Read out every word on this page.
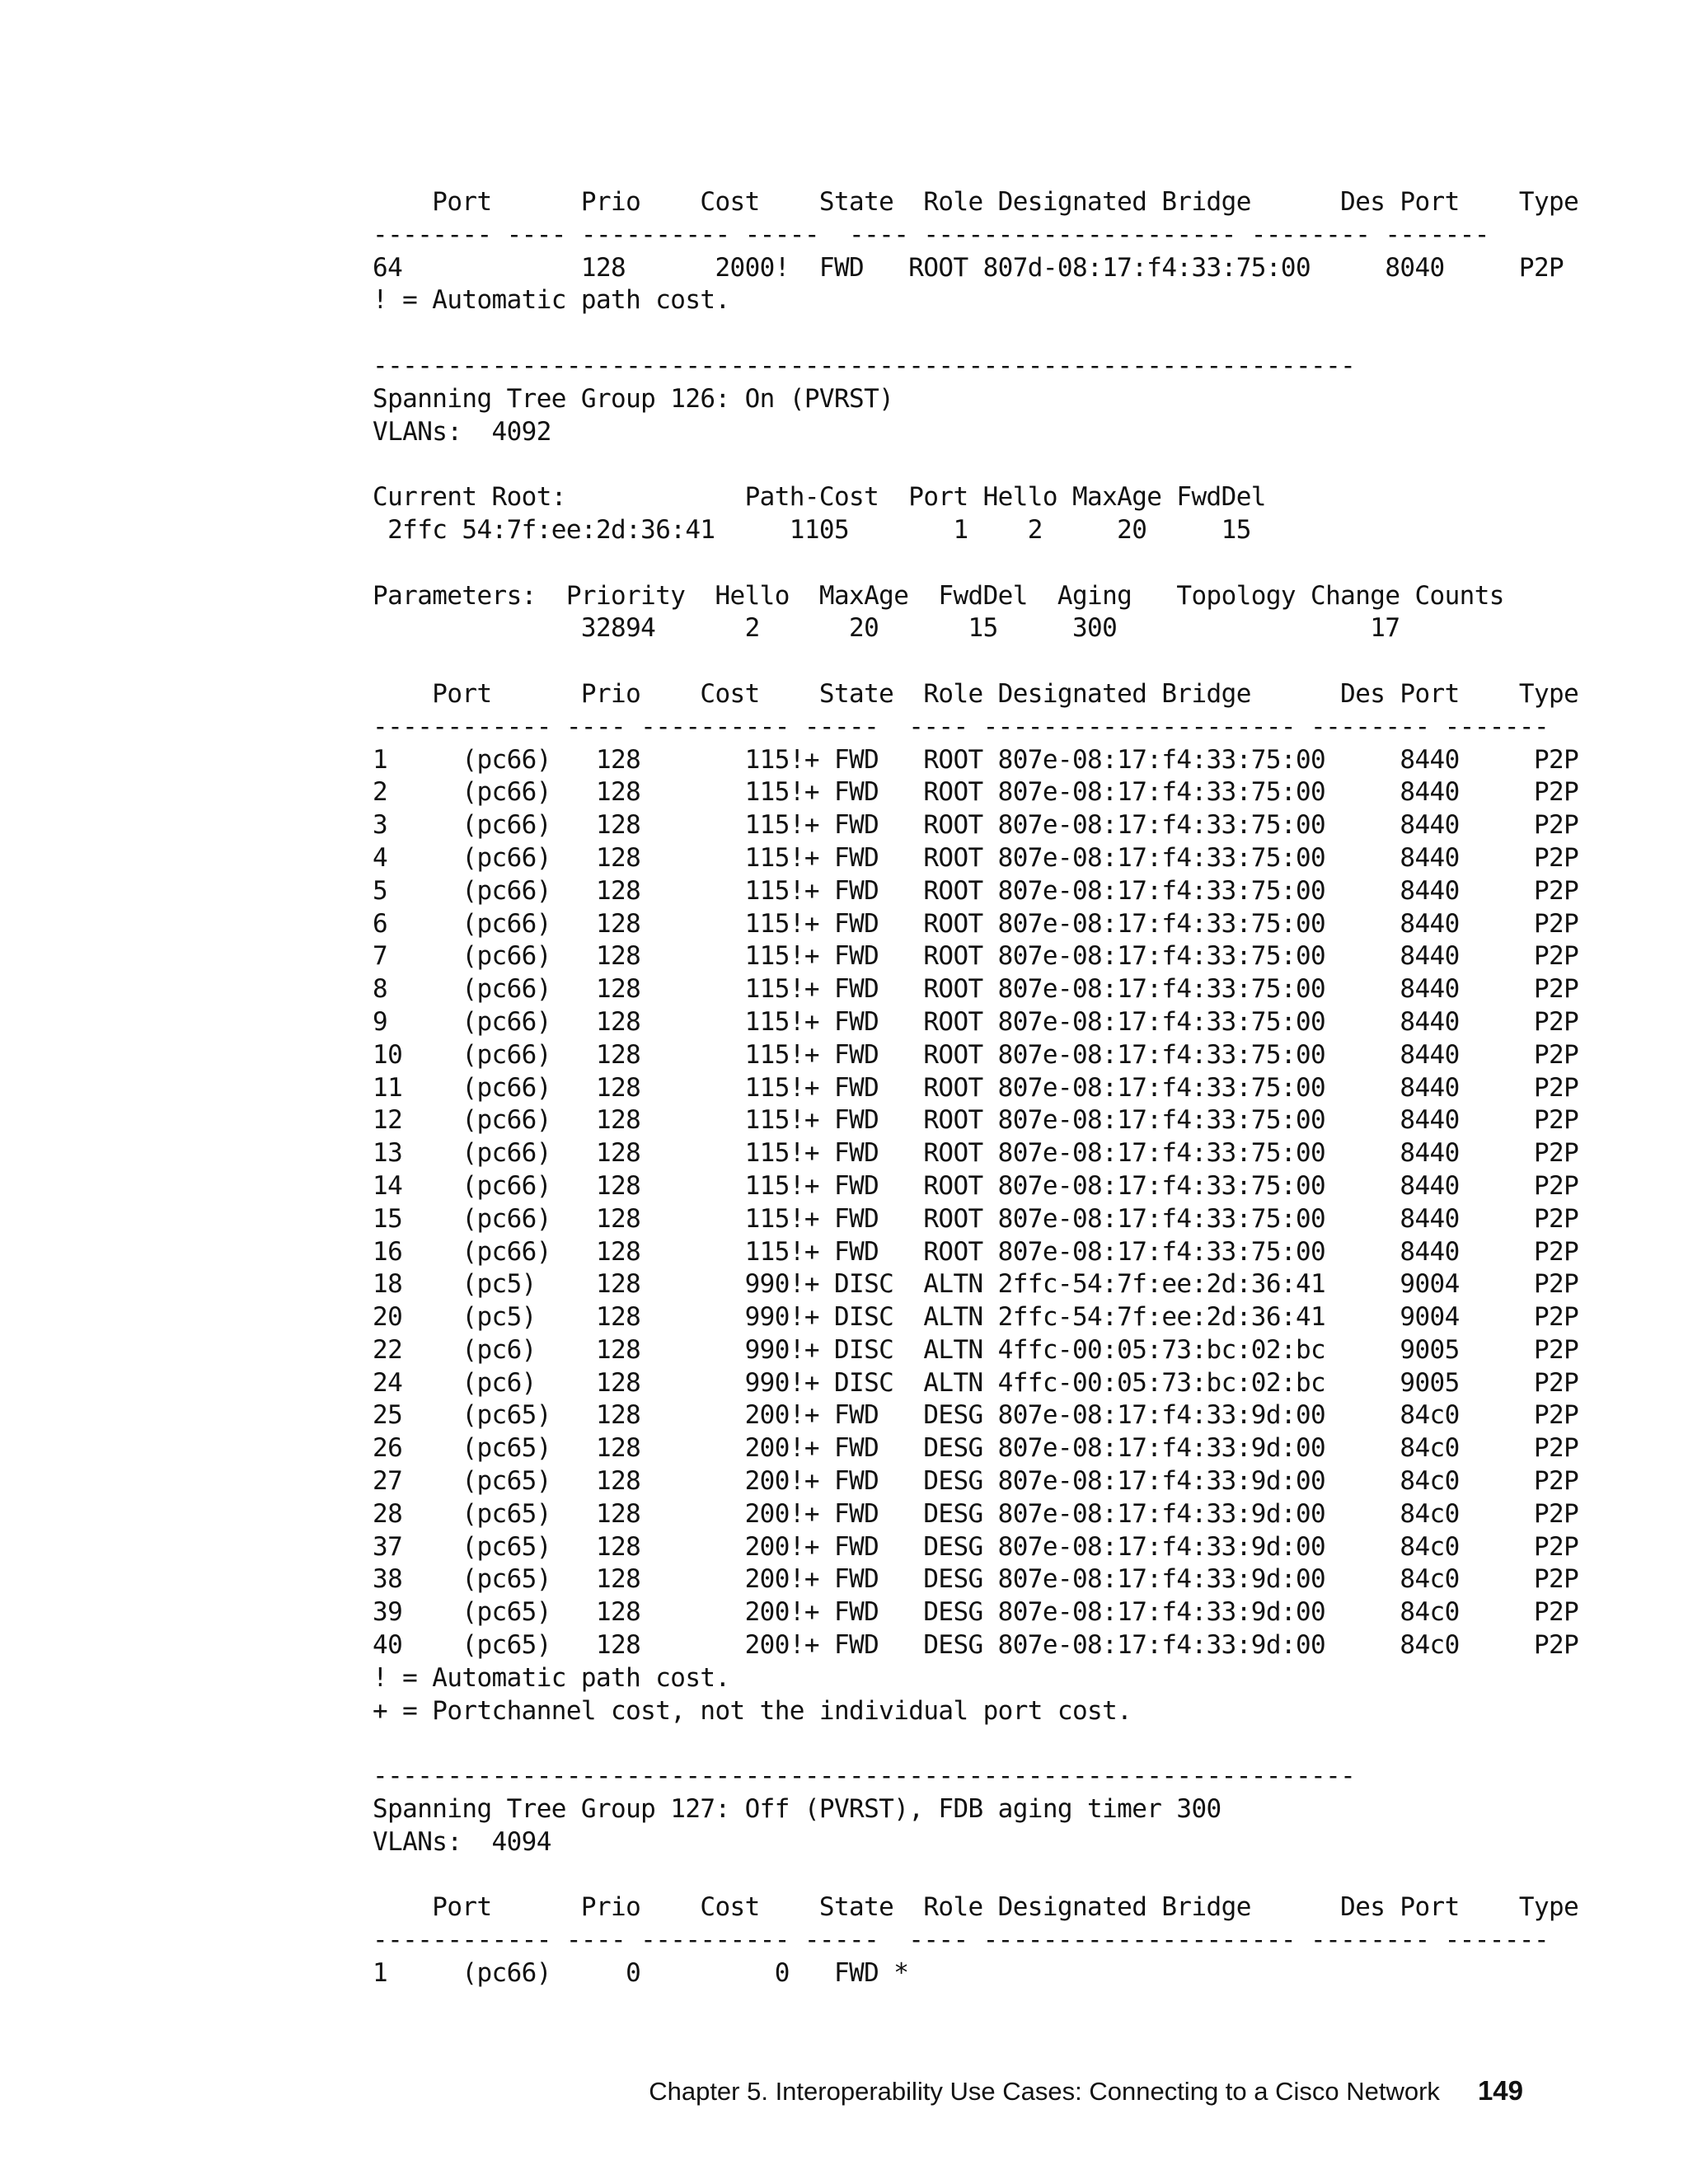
Port      Prio    Cost    State  Role Designated Bridge      Des Port    Type
-------- ---- ---------- -----  ---- --------------------- -------- -------
64            128      2000!  FWD   ROOT 807d-08:17:f4:33:75:00     8040     P2P
! = Automatic path cost.
------------------------------------------------------------------
Spanning Tree Group 126: On (PVRST)
VLANs:  4092
Current Root:            Path-Cost  Port Hello MaxAge FwdDel
2ffc 54:7f:ee:2d:36:41     1105       1    2     20     15
Parameters:  Priority  Hello  MaxAge  FwdDel  Aging   Topology Change Counts
32894      2      20      15     300                 17
Port      Prio    Cost    State  Role Designated Bridge      Des Port    Type
------------ ---- ---------- -----  ---- --------------------- -------- -------
1     (pc66)   128       115!+ FWD   ROOT 807e-08:17:f4:33:75:00     8440     P2P
2     (pc66)   128       115!+ FWD   ROOT 807e-08:17:f4:33:75:00     8440     P2P
3     (pc66)   128       115!+ FWD   ROOT 807e-08:17:f4:33:75:00     8440     P2P
4     (pc66)   128       115!+ FWD   ROOT 807e-08:17:f4:33:75:00     8440     P2P
5     (pc66)   128       115!+ FWD   ROOT 807e-08:17:f4:33:75:00     8440     P2P
6     (pc66)   128       115!+ FWD   ROOT 807e-08:17:f4:33:75:00     8440     P2P
7     (pc66)   128       115!+ FWD   ROOT 807e-08:17:f4:33:75:00     8440     P2P
8     (pc66)   128       115!+ FWD   ROOT 807e-08:17:f4:33:75:00     8440     P2P
9     (pc66)   128       115!+ FWD   ROOT 807e-08:17:f4:33:75:00     8440     P2P
10    (pc66)   128       115!+ FWD   ROOT 807e-08:17:f4:33:75:00     8440     P2P
11    (pc66)   128       115!+ FWD   ROOT 807e-08:17:f4:33:75:00     8440     P2P
12    (pc66)   128       115!+ FWD   ROOT 807e-08:17:f4:33:75:00     8440     P2P
13    (pc66)   128       115!+ FWD   ROOT 807e-08:17:f4:33:75:00     8440     P2P
14    (pc66)   128       115!+ FWD   ROOT 807e-08:17:f4:33:75:00     8440     P2P
15    (pc66)   128       115!+ FWD   ROOT 807e-08:17:f4:33:75:00     8440     P2P
16    (pc66)   128       115!+ FWD   ROOT 807e-08:17:f4:33:75:00     8440     P2P
18    (pc5)    128       990!+ DISC  ALTN 2ffc-54:7f:ee:2d:36:41     9004     P2P
20    (pc5)    128       990!+ DISC  ALTN 2ffc-54:7f:ee:2d:36:41     9004     P2P
22    (pc6)    128       990!+ DISC  ALTN 4ffc-00:05:73:bc:02:bc     9005     P2P
24    (pc6)    128       990!+ DISC  ALTN 4ffc-00:05:73:bc:02:bc     9005     P2P
25    (pc65)   128       200!+ FWD   DESG 807e-08:17:f4:33:9d:00     84c0     P2P
26    (pc65)   128       200!+ FWD   DESG 807e-08:17:f4:33:9d:00     84c0     P2P
27    (pc65)   128       200!+ FWD   DESG 807e-08:17:f4:33:9d:00     84c0     P2P
28    (pc65)   128       200!+ FWD   DESG 807e-08:17:f4:33:9d:00     84c0     P2P
37    (pc65)   128       200!+ FWD   DESG 807e-08:17:f4:33:9d:00     84c0     P2P
38    (pc65)   128       200!+ FWD   DESG 807e-08:17:f4:33:9d:00     84c0     P2P
39    (pc65)   128       200!+ FWD   DESG 807e-08:17:f4:33:9d:00     84c0     P2P
40    (pc65)   128       200!+ FWD   DESG 807e-08:17:f4:33:9d:00     84c0     P2P
! = Automatic path cost.
+ = Portchannel cost, not the individual port cost.
------------------------------------------------------------------
Spanning Tree Group 127: Off (PVRST), FDB aging timer 300
VLANs:  4094
Port      Prio    Cost    State  Role Designated Bridge      Des Port    Type
------------ ---- ---------- -----  ---- --------------------- -------- -------
1     (pc66)     0         0   FWD *

Chapter 5. Interoperability Use Cases: Connecting to a Cisco Network 149
